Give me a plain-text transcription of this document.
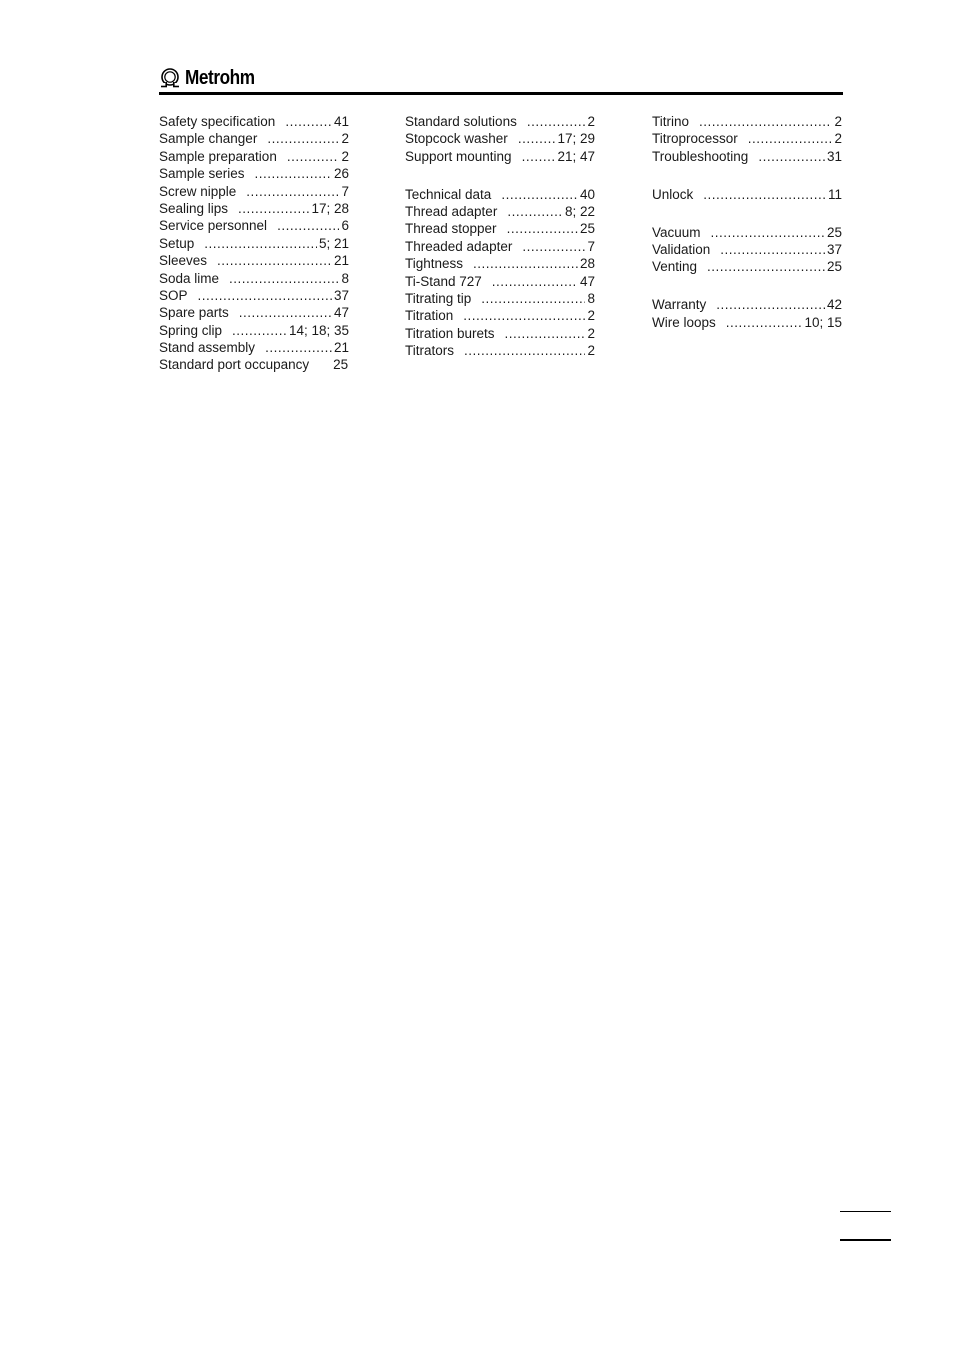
Metrohm
Safety specification .....	41
Sample changer .....	2
Sample preparation .....	2
Sample series .....	26
Screw nipple .....	7
Sealing lips .....	17; 28
Service personnel .....	6
Setup .....	5; 21
Sleeves .....	21
Soda lime .....	8
SOP .....	37
Spare parts .....	47
Spring clip .....	14; 18; 35
Stand assembly .....	21
Standard port occupancy	25
Standard solutions .....	2
Stopcock washer .....	17; 29
Support mounting .....	21; 47
Technical data .....	40
Thread adapter .....	8; 22
Thread stopper .....	25
Threaded adapter .....	7
Tightness .....	28
Ti-Stand 727 .....	47
Titrating tip .....	8
Titration .....	2
Titration burets .....	2
Titrators .....	2
Titrino .....	2
Titroprocessor .....	2
Troubleshooting .....	31
Unlock .....	11
Vacuum .....	25
Validation .....	37
Venting .....	25
Warranty .....	42
Wire loops .....	10; 15
